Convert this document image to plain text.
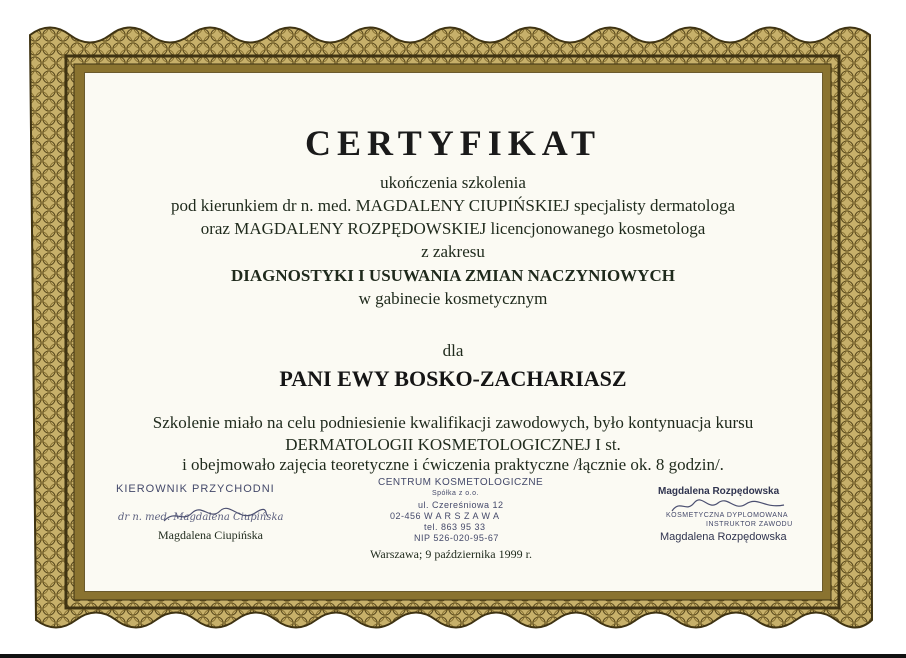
CERTYFIKAT
ukończenia szkolenia
pod kierunkiem dr n. med. MAGDALENY CIUPIŃSKIEJ specjalisty dermatologa
oraz MAGDALENY ROZPĘDOWSKIEJ licencjonowanego kosmetologa
z zakresu
DIAGNOSTYKI I USUWANIA ZMIAN NACZYNIOWYCH
w gabinecie kosmetycznym
dla
PANI EWY BOSKO-ZACHARIASZ
Szkolenie miało na celu podniesienie kwalifikacji zawodowych, było kontynuacja kursu
DERMATOLOGII KOSMETOLOGICZNEJ I st.
i obejmowało zajęcia teoretyczne i ćwiczenia praktyczne /łącznie ok. 8 godzin/.
KIEROWNIK PRZYCHODNI
dr n. med. Magdalena Ciupińska
Magdalena Ciupińska
CENTRUM KOSMETOLOGICZNE
Spółka z o.o.
ul. Czereśniowa 12
02-456 W A R S Z A W A
tel. 863 95 33
NIP 526-020-95-67
Warszawa; 9 października 1999 r.
Magdalena Rozpędowska
KOSMETYCZNA DYPLOMOWANA
INSTRUKTOR ZAWODU
Magdalena Rozpędowska
